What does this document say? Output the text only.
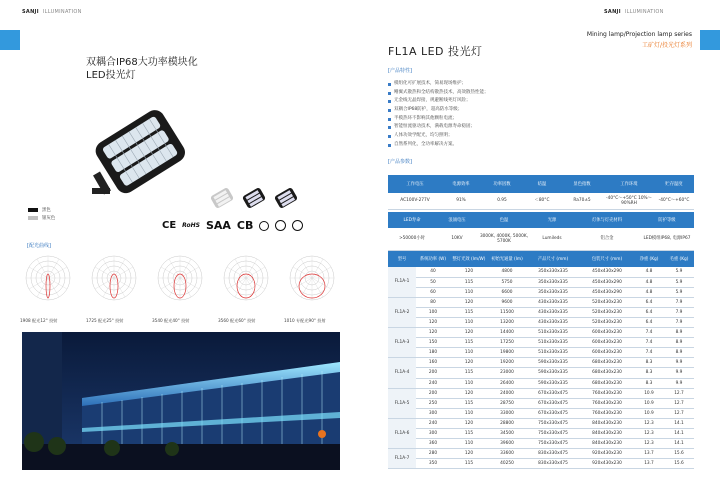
SANJI ILLUMINATION
双耦合IP68大功率模块化
LED投光灯
黑色
银灰色
CE RoHS SAA CB
[配光曲线]
1908 配光12° 投射	1725 配光25° 投射	3540 配光40° 投射	3560 配光60° 投射	1010 专配光90° 投射
SANJI ILLUMINATION
Mining lamp/Projection lamp series
工矿灯/投光灯系列
FL1A LED 投光灯
[产品特性]
模组化可扩展技术，简易现场维护；
鳍翼式散热和全结构散热技术，高效散热性能；
无金线无晶焊接，规避断线死灯风险；
双耦合IP68防护，超高防水等级；
半模热环不影响其他颗粒电流；
智能恒流驱动技术，满载电源寿命稳固；
人体功效学配光，均匀照明；
自然系列化，全功率解决方案。
[产品参数]
工作电压	电源效率	功率因数	结温	显色指数	工作环境	贮存温度
AC100V-277V	91%	0.95	＜80°C	Ra70±5	-40°C～+50°C 10%～90%RH	-40°C～+60°C
LED寿命	浪涌电压	色温	光源	灯体与灯壳材料	防护等级
>50000小时	10KV	3000K, 4000K, 5000K, 5700K	Lumileds	铝合金	LED模组IP68, 电源IP67
型号	系统功率 (W)	整灯光效 (lm/W)	初始光通量 (lm)	产品尺寸 (mm)	包装尺寸 (mm)	净重 (Kg)	毛重 (Kg)
FL1A-1	40	120	4800	350x330x335	450x430x290	4.8	5.9
	50	115	5750	350x330x335	450x430x290	4.8	5.9
	60	110	6600	350x330x335	450x430x290	4.8	5.9
FL1A-2	80	120	9600	430x330x335	520x430x230	6.4	7.9
	100	115	11500	430x330x335	520x430x230	6.4	7.9
	120	110	13200	430x330x335	520x430x230	6.4	7.9
FL1A-3	120	120	14400	510x330x335	600x430x230	7.4	8.9
	150	115	17250	510x330x335	600x430x230	7.4	8.9
	180	110	19800	510x330x335	600x430x230	7.4	8.9
FL1A-4	160	120	19200	590x330x335	680x430x230	8.3	9.9
	200	115	23000	590x330x335	680x430x230	8.3	9.9
	240	110	26400	590x330x335	680x430x230	8.3	9.9
FL1A-5	200	120	24000	670x330x475	760x430x230	10.9	12.7
	250	115	28750	670x330x475	760x430x230	10.9	12.7
	300	110	33000	670x330x475	760x430x230	10.9	12.7
FL1A-6	240	120	28800	750x330x475	840x430x230	12.3	14.1
	300	115	34500	750x330x475	840x430x230	12.3	14.1
	360	110	39600	750x330x475	840x430x230	12.3	14.1
FL1A-7	280	120	33600	830x330x475	920x430x230	13.7	15.6
	350	115	40250	830x330x475	920x430x230	13.7	15.6
